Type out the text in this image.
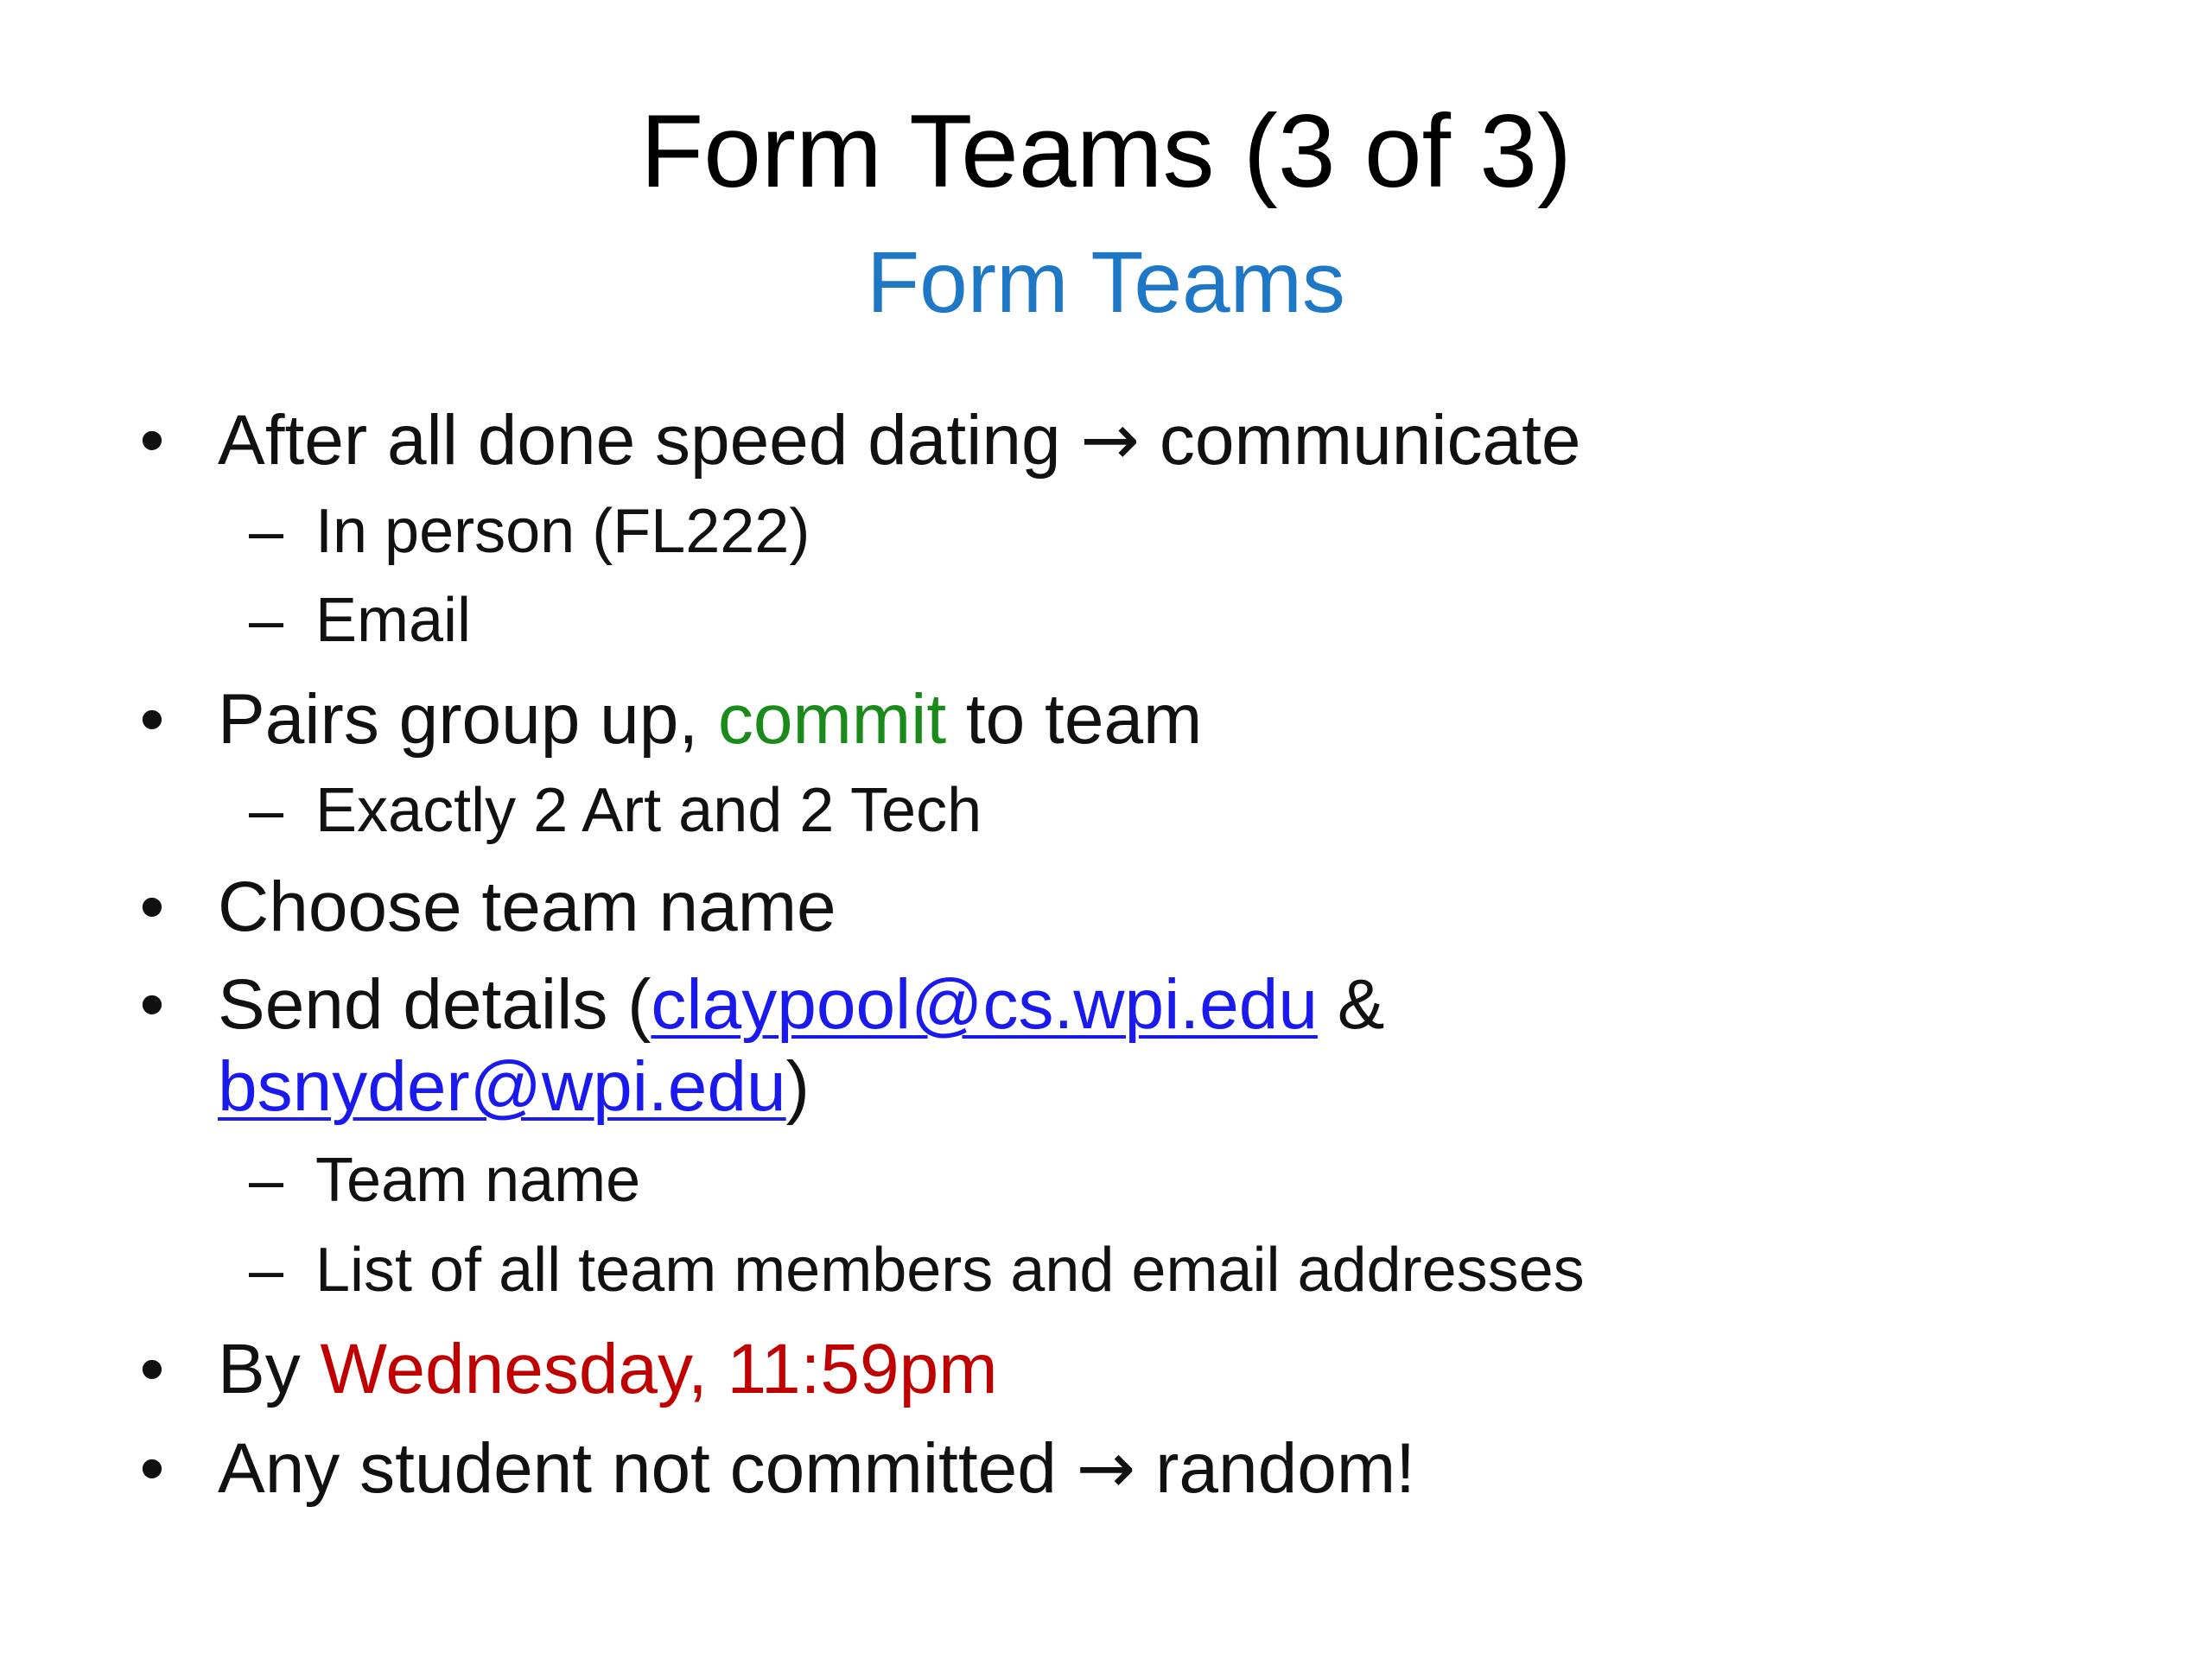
Form Teams (3 of 3)
Form Teams
• After all done speed dating → communicate
– In person (FL222)
– Email
• Pairs group up, commit to team
– Exactly 2 Art and 2 Tech
• Choose team name
• Send details (claypool@cs.wpi.edu &
bsnyder@wpi.edu)
– Team name
– List of all team members and email addresses
• By Wednesday, 11:59pm
• Any student not committed → random!
